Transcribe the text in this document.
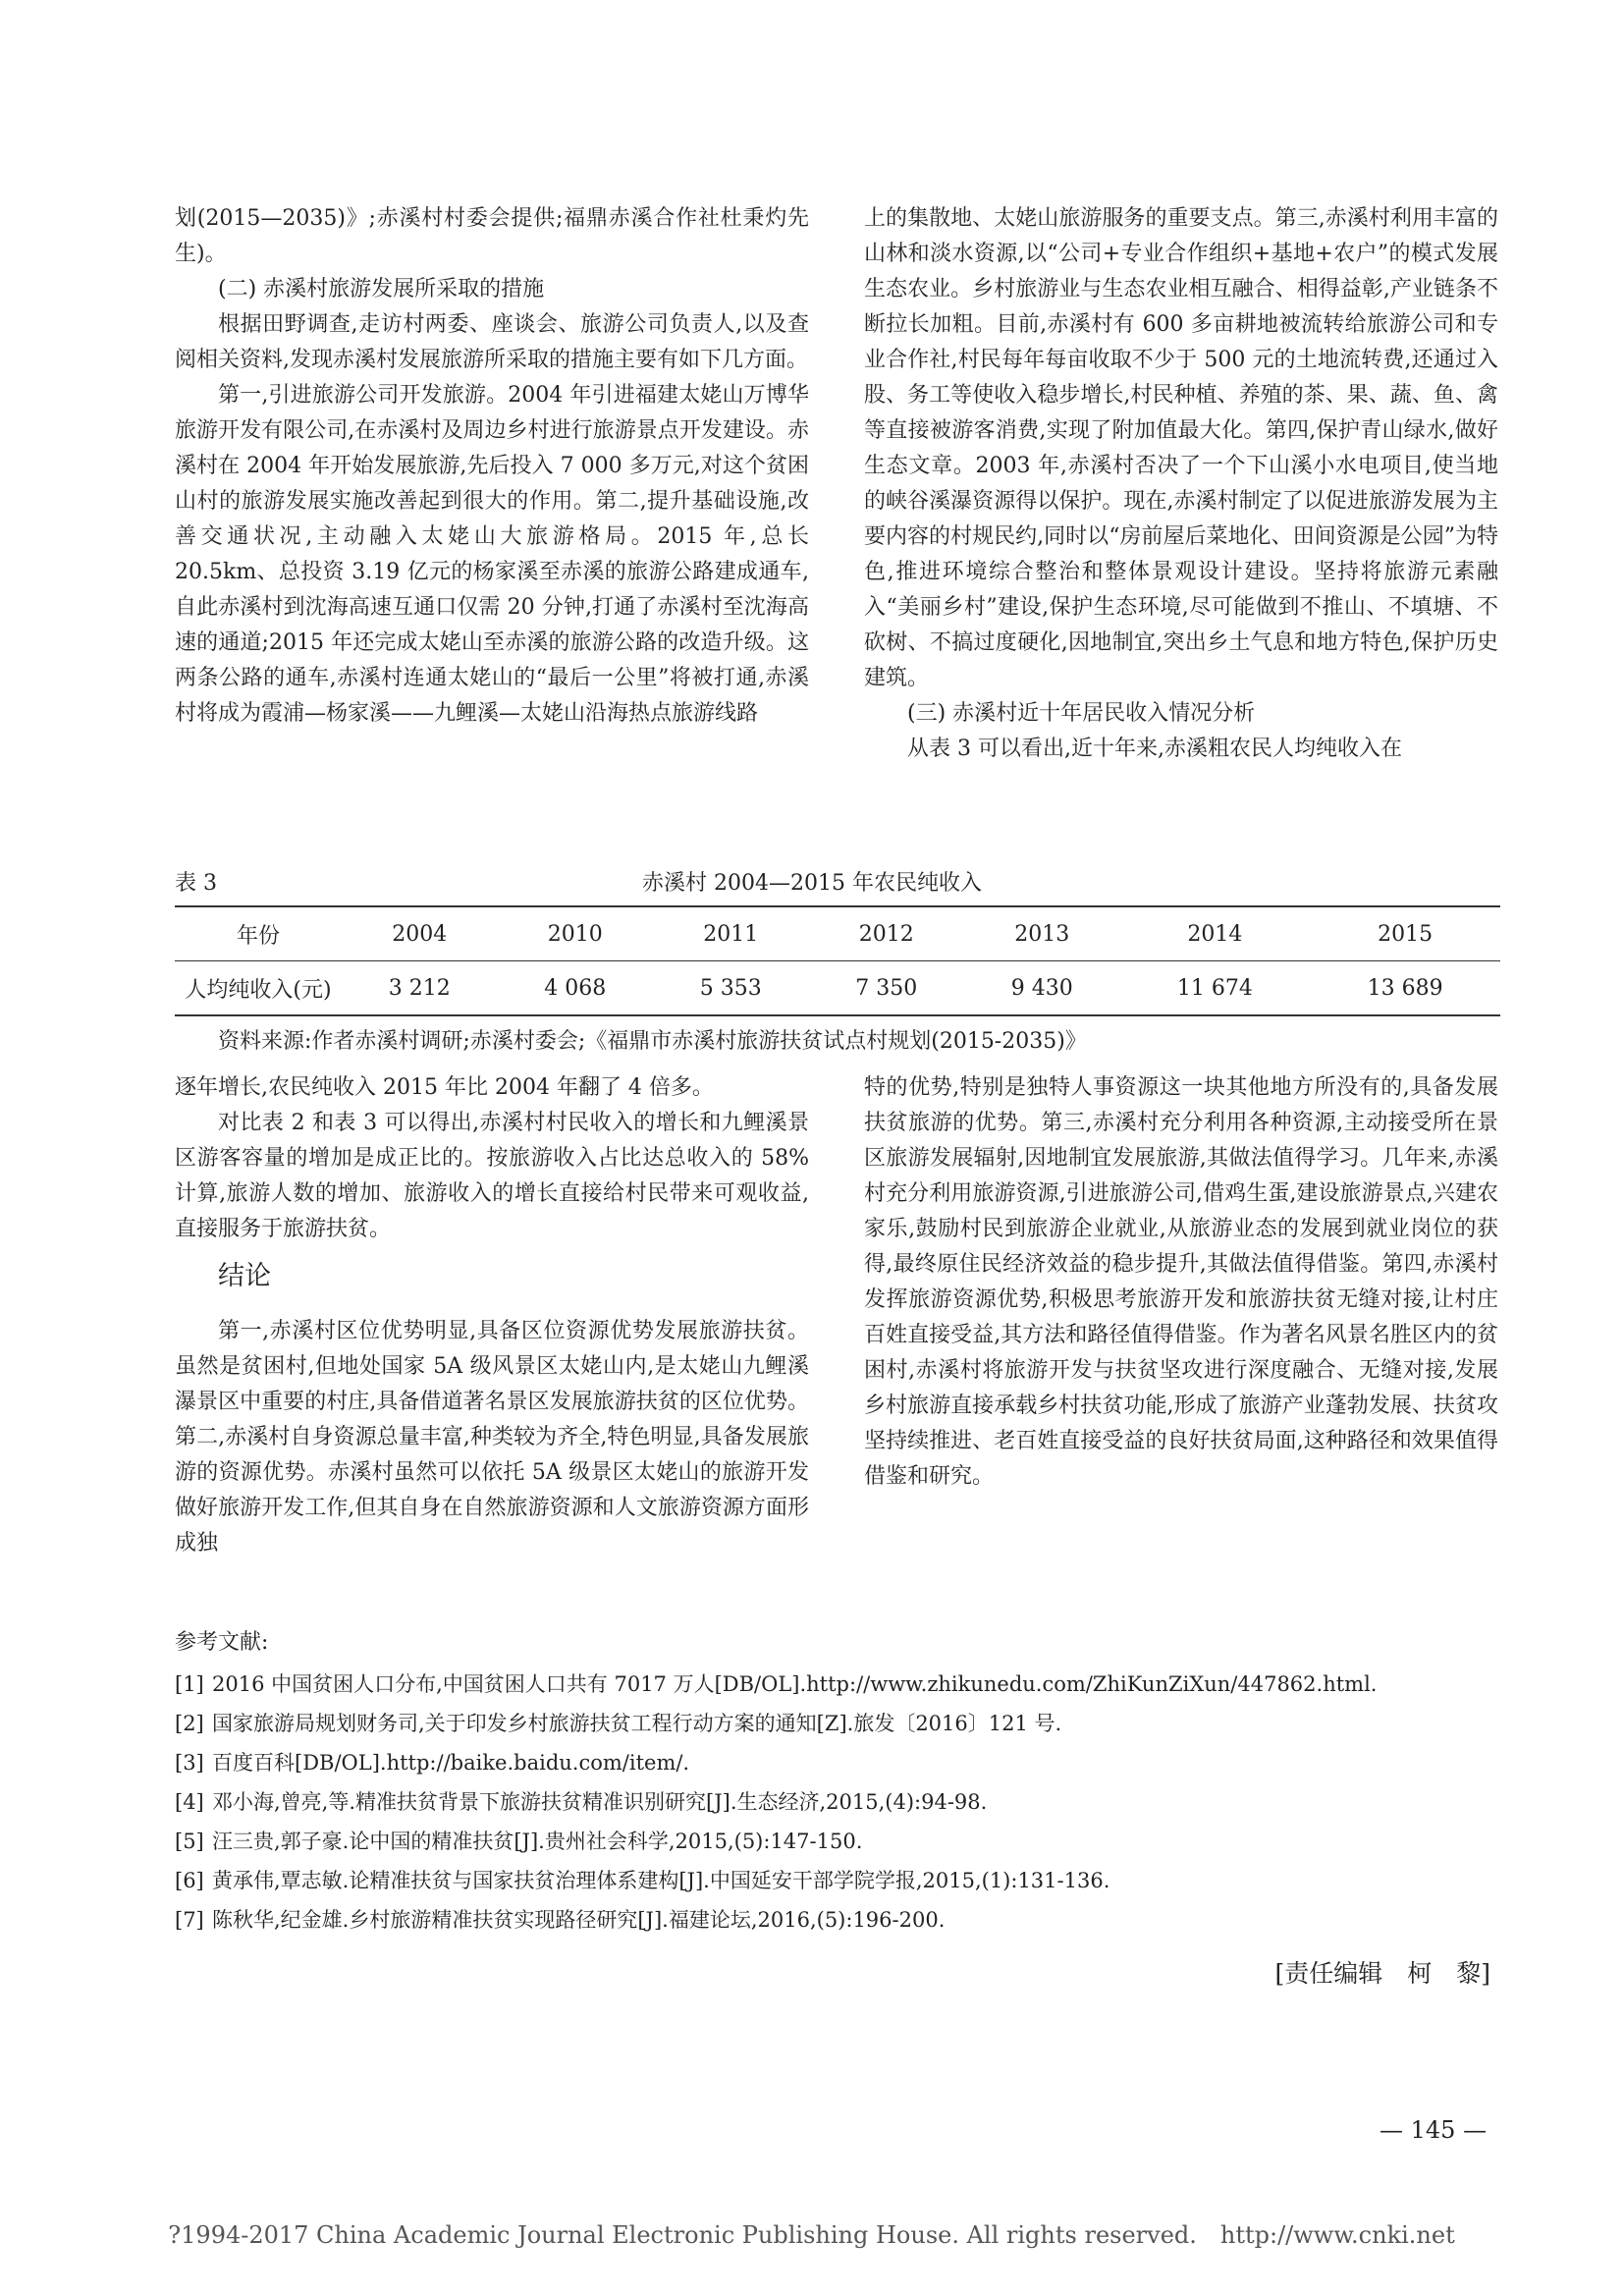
划(2015—2035)》;赤溪村村委会提供;福鼎赤溪合作社杜秉灼先生)。

(二) 赤溪村旅游发展所采取的措施

根据田野调查,走访村两委、座谈会、旅游公司负责人,以及查阅相关资料,发现赤溪村发展旅游所采取的措施主要有如下几方面。

第一,引进旅游公司开发旅游。2004 年引进福建太姥山万博华旅游开发有限公司,在赤溪村及周边乡村进行旅游景点开发建设。赤溪村在 2004 年开始发展旅游,先后投入 7 000 多万元,对这个贫困山村的旅游发展实施改善起到很大的作用。第二,提升基础设施,改善交通状况,主动融入太姥山大旅游格局。2015 年,总长 20.5km、总投资 3.19 亿元的杨家溪至赤溪的旅游公路建成通车,自此赤溪村到沈海高速互通口仅需 20 分钟,打通了赤溪村至沈海高速的通道;2015 年还完成太姥山至赤溪的旅游公路的改造升级。这两条公路的通车,赤溪村连通太姥山的“最后一公里”将被打通,赤溪村将成为霞浦—杨家溪——九鲤溪—太姥山沿海热点旅游线路

上的集散地、太姥山旅游服务的重要支点。第三,赤溪村利用丰富的山林和淡水资源,以“公司+专业合作组织+基地+农户”的模式发展生态农业。乡村旅游业与生态农业相互融合、相得益彰,产业链条不断拉长加粗。目前,赤溪村有 600 多亩耕地被流转给旅游公司和专业合作社,村民每年每亩收取不少于 500 元的土地流转费,还通过入股、务工等使收入稳步增长,村民种植、养殖的茶、果、蔬、鱼、禽等直接被游客消费,实现了附加值最大化。第四,保护青山绿水,做好生态文章。2003 年,赤溪村否决了一个下山溪小水电项目,使当地的峡谷溪瀑资源得以保护。现在,赤溪村制定了以促进旅游发展为主要内容的村规民约,同时以“房前屋后菜地化、田间资源是公园”为特色,推进环境综合整治和整体景观设计建设。坚持将旅游元素融入“美丽乡村”建设,保护生态环境,尽可能做到不推山、不填塘、不砍树、不搞过度硬化,因地制宜,突出乡土气息和地方特色,保护历史建筑。

(三) 赤溪村近十年居民收入情况分析

从表 3 可以看出,近十年来,赤溪粗农民人均纯收入在

表 3	赤溪村 2004—2015 年农民纯收入
年份	2004	2010	2011	2012	2013	2014	2015
人均纯收入(元)	3 212	4 068	5 353	7 350	9 430	11 674	13 689
资料来源:作者赤溪村调研;赤溪村委会;《福鼎市赤溪村旅游扶贫试点村规划(2015-2035)》

逐年增长,农民纯收入 2015 年比 2004 年翻了 4 倍多。

对比表 2 和表 3 可以得出,赤溪村村民收入的增长和九鲤溪景区游客容量的增加是成正比的。按旅游收入占比达总收入的 58%计算,旅游人数的增加、旅游收入的增长直接给村民带来可观收益,直接服务于旅游扶贫。

结论

第一,赤溪村区位优势明显,具备区位资源优势发展旅游扶贫。虽然是贫困村,但地处国家 5A 级风景区太姥山内,是太姥山九鲤溪瀑景区中重要的村庄,具备借道著名景区发展旅游扶贫的区位优势。第二,赤溪村自身资源总量丰富,种类较为齐全,特色明显,具备发展旅游的资源优势。赤溪村虽然可以依托 5A 级景区太姥山的旅游开发做好旅游开发工作,但其自身在自然旅游资源和人文旅游资源方面形成独

特的优势,特别是独特人事资源这一块其他地方所没有的,具备发展扶贫旅游的优势。第三,赤溪村充分利用各种资源,主动接受所在景区旅游发展辐射,因地制宜发展旅游,其做法值得学习。几年来,赤溪村充分利用旅游资源,引进旅游公司,借鸡生蛋,建设旅游景点,兴建农家乐,鼓励村民到旅游企业就业,从旅游业态的发展到就业岗位的获得,最终原住民经济效益的稳步提升,其做法值得借鉴。第四,赤溪村发挥旅游资源优势,积极思考旅游开发和旅游扶贫无缝对接,让村庄百姓直接受益,其方法和路径值得借鉴。作为著名风景名胜区内的贫困村,赤溪村将旅游开发与扶贫坚攻进行深度融合、无缝对接,发展乡村旅游直接承载乡村扶贫功能,形成了旅游产业蓬勃发展、扶贫攻坚持续推进、老百姓直接受益的良好扶贫局面,这种路径和效果值得借鉴和研究。

参考文献:
[1] 2016 中国贫困人口分布,中国贫困人口共有 7017 万人[DB/OL].http://www.zhikunedu.com/ZhiKunZiXun/447862.html.
[2] 国家旅游局规划财务司,关于印发乡村旅游扶贫工程行动方案的通知[Z].旅发〔2016〕121 号.
[3] 百度百科[DB/OL].http://baike.baidu.com/item/.
[4] 邓小海,曾亮,等.精准扶贫背景下旅游扶贫精准识别研究[J].生态经济,2015,(4):94-98.
[5] 汪三贵,郭子豪.论中国的精准扶贫[J].贵州社会科学,2015,(5):147-150.
[6] 黄承伟,覃志敏.论精准扶贫与国家扶贫治理体系建构[J].中国延安干部学院学报,2015,(1):131-136.
[7] 陈秋华,纪金雄.乡村旅游精准扶贫实现路径研究[J].福建论坛,2016,(5):196-200.
[责任编辑　柯　黎]
— 145 —
?1994-2017 China Academic Journal Electronic Publishing House. All rights reserved.　http://www.cnki.net
